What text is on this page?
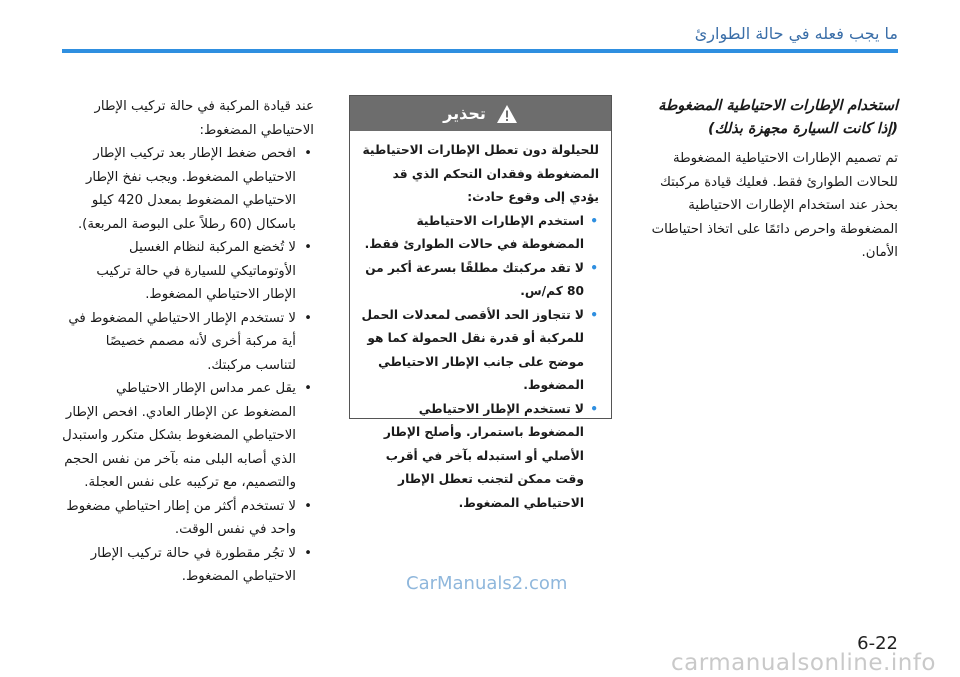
ما يجب فعله في حالة الطوارئ

عند قيادة المركبة في حالة تركيب الإطار الاحتياطي المضغوط:

• افحص ضغط الإطار بعد تركيب الإطار الاحتياطي المضغوط. ويجب نفخ الإطار الاحتياطي المضغوط بمعدل 420 كيلو باسكال (60 رطلاً على البوصة المربعة).
• لا تُخضع المركبة لنظام الغسيل الأوتوماتيكي للسيارة في حالة تركيب الإطار الاحتياطي المضغوط.
• لا تستخدم الإطار الاحتياطي المضغوط في أية مركبة أخرى لأنه مصمم خصيصًا لتناسب مركبتك.
• يقل عمر مداس الإطار الاحتياطي المضغوط عن الإطار العادي. افحص الإطار الاحتياطي المضغوط بشكل متكرر واستبدل الذي أصابه البلى منه بآخر من نفس الحجم والتصميم، مع تركيبه على نفس العجلة.
• لا تستخدم أكثر من إطار احتياطي مضغوط واحد في نفس الوقت.
• لا تجُر مقطورة في حالة تركيب الإطار الاحتياطي المضغوط.
تحذير

للحيلولة دون تعطل الإطارات الاحتياطية المضغوطة وفقدان التحكم الذي قد يؤدي إلى وقوع حادث:

• استخدم الإطارات الاحتياطية المضغوطة في حالات الطوارئ فقط.
• لا تقد مركبتك مطلقًا بسرعة أكبر من 80 كم/س.
• لا تتجاوز الحد الأقصى لمعدلات الحمل للمركبة أو قدرة نقل الحمولة كما هو موضح على جانب الإطار الاحتياطي المضغوط.
• لا تستخدم الإطار الاحتياطي المضغوط باستمرار. وأصلح الإطار الأصلي أو استبدله بآخر في أقرب وقت ممكن لتجنب تعطل الإطار الاحتياطي المضغوط.
استخدام الإطارات الاحتياطية المضغوطة (إذا كانت السيارة مجهزة بذلك)

تم تصميم الإطارات الاحتياطية المضغوطة للحالات الطوارئ فقط. فعليك قيادة مركبتك بحذر عند استخدام الإطارات الاحتياطية المضغوطة واحرص دائمًا على اتخاذ احتياطات الأمان.

CarManuals2.com
6-22
carmanualsonline.info
